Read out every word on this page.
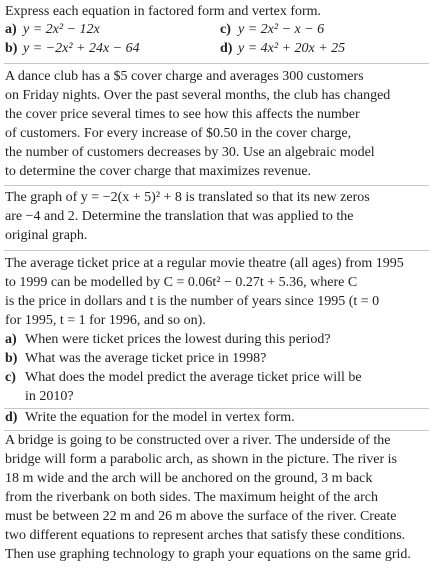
Express each equation in factored form and vertex form.
a) y = 2x² − 12x	c) y = 2x² − x − 6
b) y = −2x² + 24x − 64	d) y = 4x² + 20x + 25
A dance club has a $5 cover charge and averages 300 customers
on Friday nights. Over the past several months, the club has changed
the cover price several times to see how this affects the number
of customers. For every increase of $0.50 in the cover charge,
the number of customers decreases by 30. Use an algebraic model
to determine the cover charge that maximizes revenue.
The graph of y = −2(x + 5)² + 8 is translated so that its new zeros
are −4 and 2. Determine the translation that was applied to the
original graph.
The average ticket price at a regular movie theatre (all ages) from 1995
to 1999 can be modelled by C = 0.06t² − 0.27t + 5.36, where C
is the price in dollars and t is the number of years since 1995 (t = 0
for 1995, t = 1 for 1996, and so on).
a) When were ticket prices the lowest during this period?
b) What was the average ticket price in 1998?
c) What does the model predict the average ticket price will be
in 2010?
d) Write the equation for the model in vertex form.
A bridge is going to be constructed over a river. The underside of the
bridge will form a parabolic arch, as shown in the picture. The river is
18 m wide and the arch will be anchored on the ground, 3 m back
from the riverbank on both sides. The maximum height of the arch
must be between 22 m and 26 m above the surface of the river. Create
two different equations to represent arches that satisfy these conditions.
Then use graphing technology to graph your equations on the same grid.
